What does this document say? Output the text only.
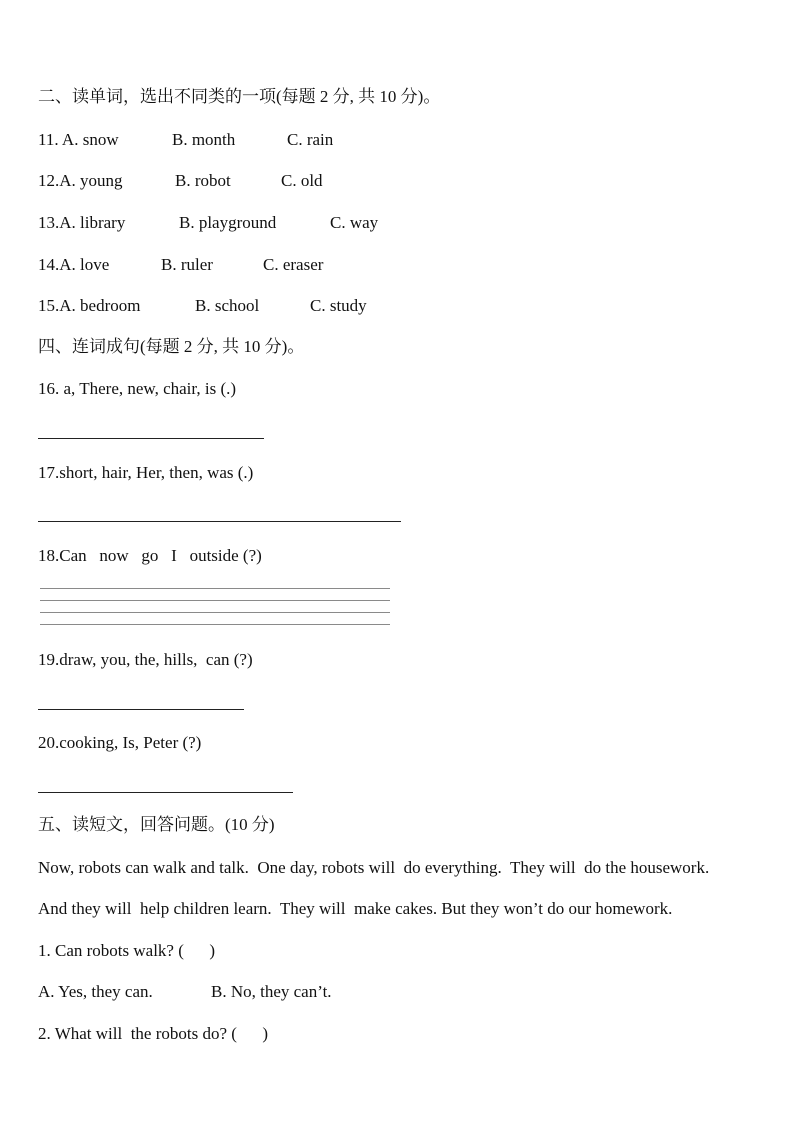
二、读单词，选出不同类的一项(每题 2 分, 共 10 分)。
11. A. snow	B. month	C. rain
12.A. young	B. robot	C. old
13.A. library	B. playground	C. way
14.A. love	B. ruler	C. eraser
15.A. bedroom	B. school	C. study
四、连词成句(每题 2 分, 共 10 分)。
16. a, There, new, chair, is (.)
17.short, hair, Her, then, was (.)
18.Can   now   go   I   outside (?)
19.draw, you, the, hills,  can (?)
20.cooking, Is, Peter (?)
五、读短文，回答问题。(10 分)
Now, robots can walk and talk.  One day, robots will  do everything.  They will  do the housework.
And they will  help children learn.  They will  make cakes. But they won’t do our homework.
1. Can robots walk? (      )
A. Yes, they can.	B. No, they can’t.
2. What will  the robots do? (      )
